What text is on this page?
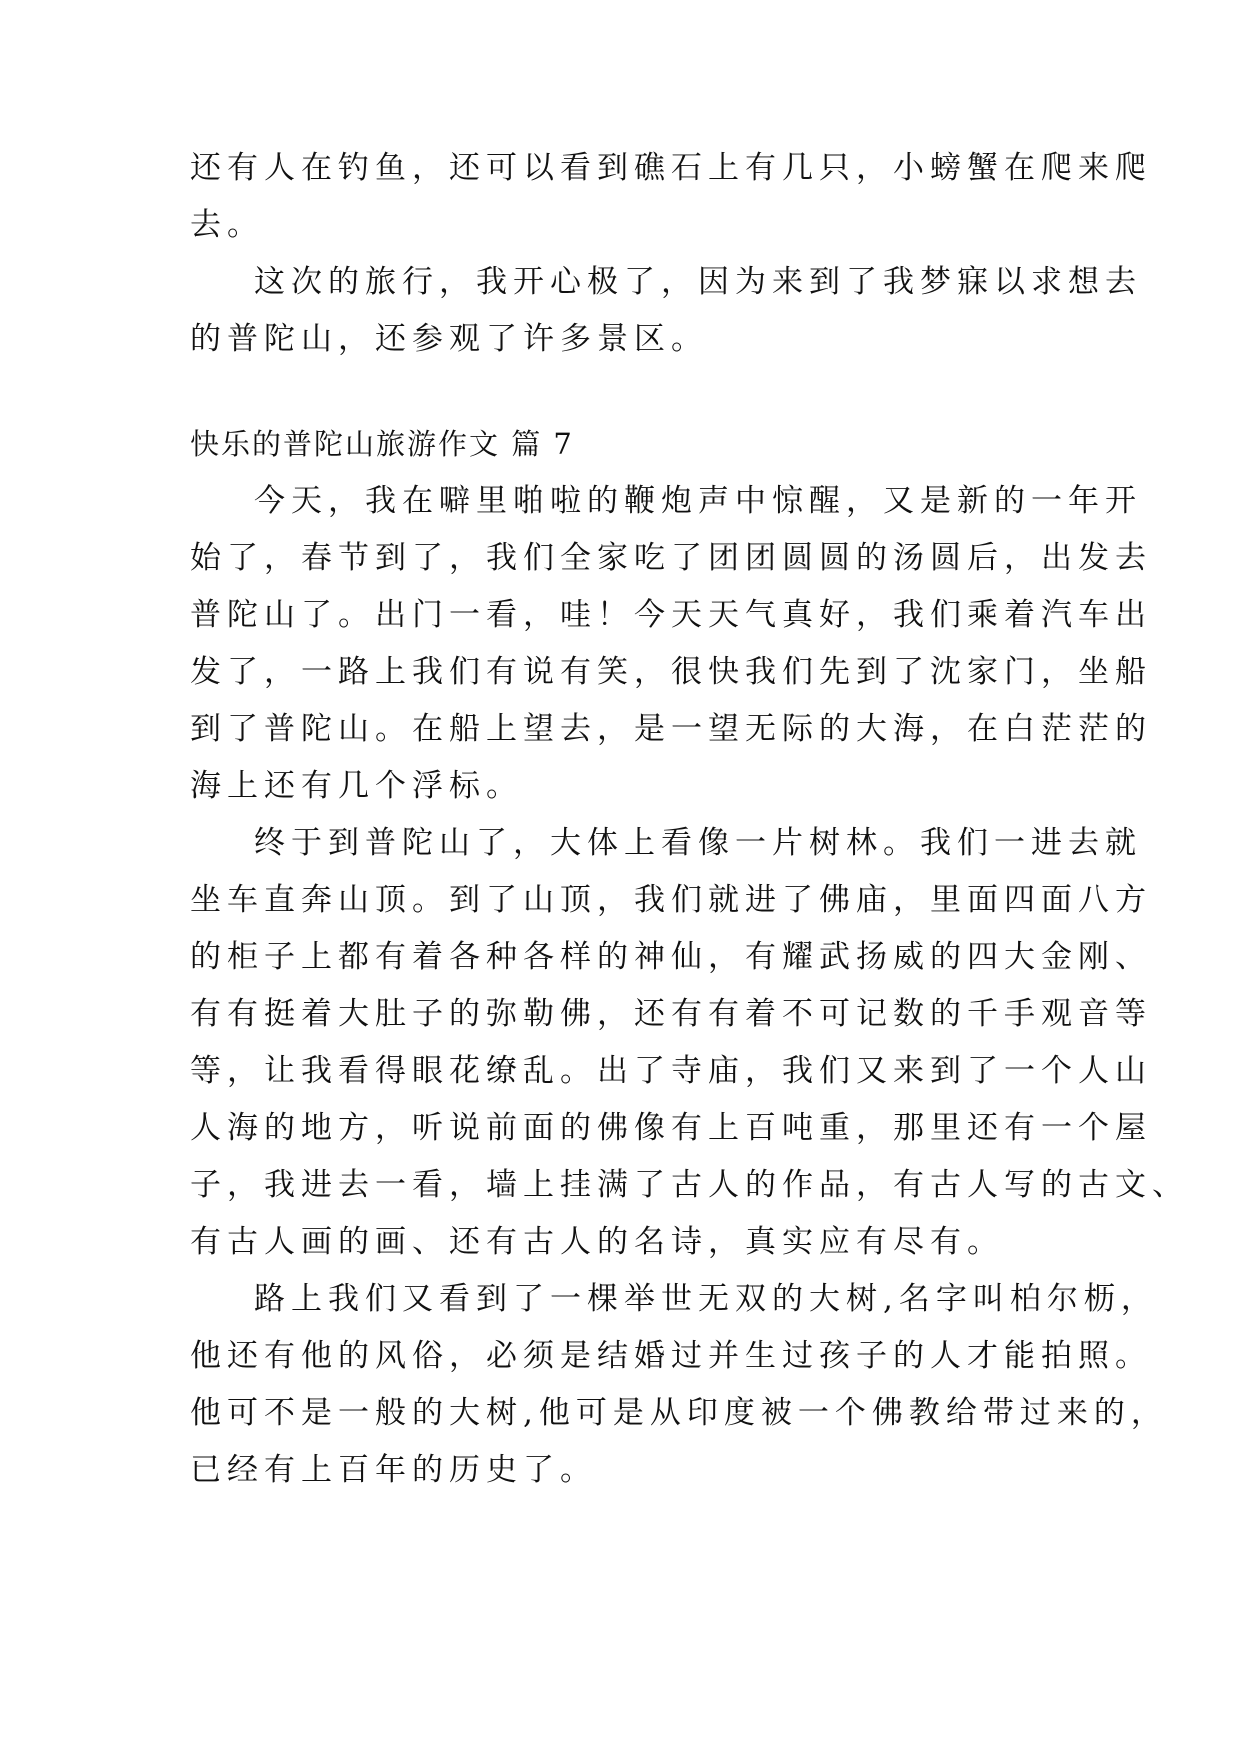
还有人在钓鱼，还可以看到礁石上有几只，小螃蟹在爬来爬
去。
这次的旅行，我开心极了，因为来到了我梦寐以求想去
的普陀山，还参观了许多景区。
快乐的普陀山旅游作文 篇 7
今天，我在噼里啪啦的鞭炮声中惊醒，又是新的一年开
始了，春节到了，我们全家吃了团团圆圆的汤圆后，出发去
普陀山了。出门一看，哇！今天天气真好，我们乘着汽车出
发了，一路上我们有说有笑，很快我们先到了沈家门，坐船
到了普陀山。在船上望去，是一望无际的大海，在白茫茫的
海上还有几个浮标。
终于到普陀山了，大体上看像一片树林。我们一进去就
坐车直奔山顶。到了山顶，我们就进了佛庙，里面四面八方
的柜子上都有着各种各样的神仙，有耀武扬威的四大金刚、
有有挺着大肚子的弥勒佛，还有有着不可记数的千手观音等
等，让我看得眼花缭乱。出了寺庙，我们又来到了一个人山
人海的地方，听说前面的佛像有上百吨重，那里还有一个屋
子，我进去一看，墙上挂满了古人的作品，有古人写的古文、
有古人画的画、还有古人的名诗，真实应有尽有。
路上我们又看到了一棵举世无双的大树,名字叫柏尔枥，
他还有他的风俗，必须是结婚过并生过孩子的人才能拍照。
他可不是一般的大树,他可是从印度被一个佛教给带过来的，
已经有上百年的历史了。
